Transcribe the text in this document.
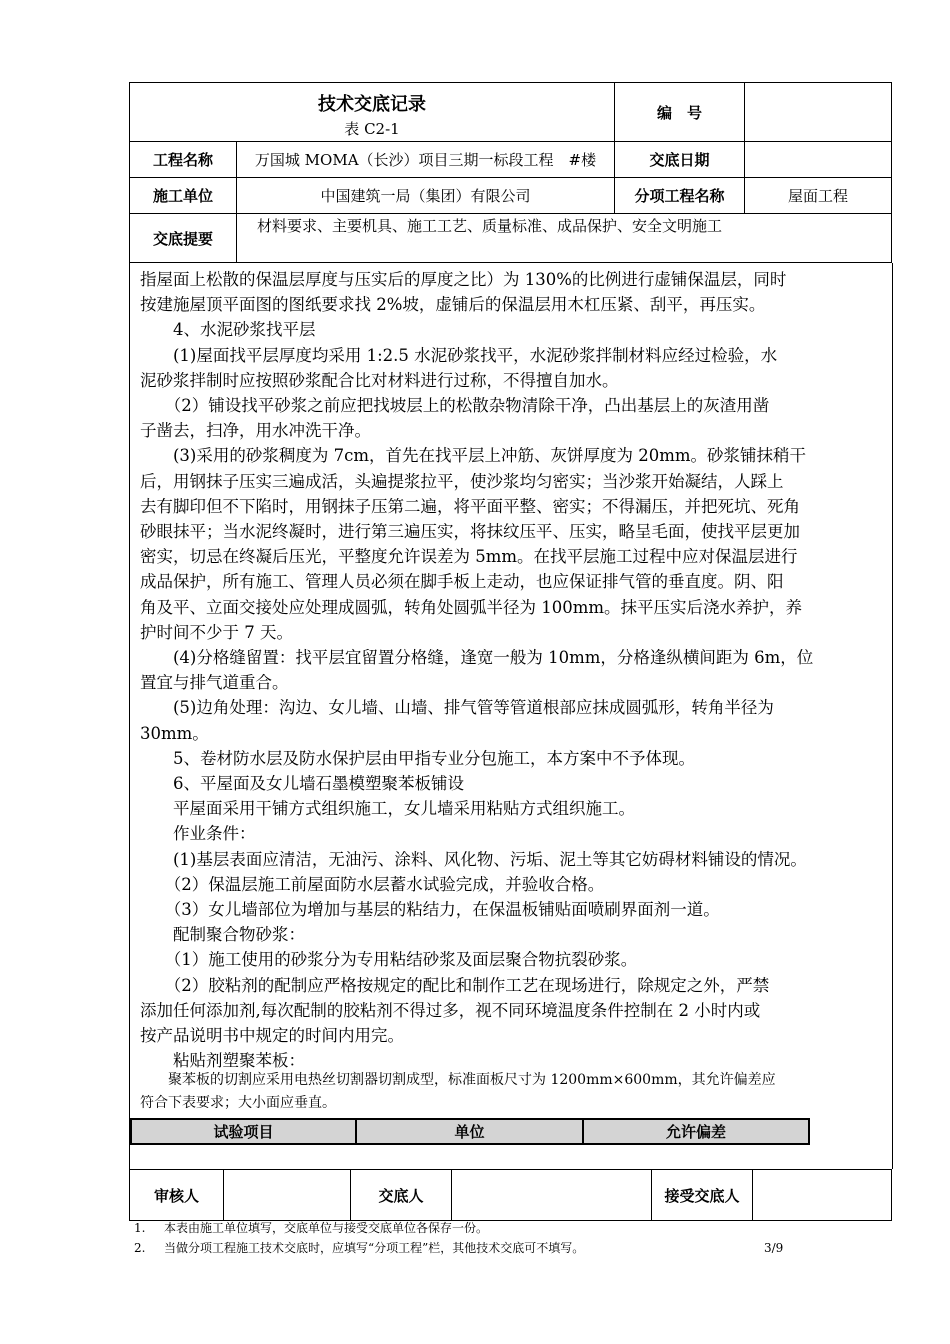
技术交底记录
表 C2-1		编　号	
工程名称	万国城 MOMA（长沙）项目三期一标段工程　#楼	交底日期	
施工单位	中国建筑一局（集团）有限公司	分项工程名称	屋面工程
交底提要	材料要求、主要机具、施工工艺、质量标准、成品保护、安全文明施工		
指屋面上松散的保温层厚度与压实后的厚度之比）为 130%的比例进行虚铺保温层，同时
按建施屋顶平面图的图纸要求找 2%坡，虚铺后的保温层用木杠压紧、刮平，再压实。
　　4、水泥砂浆找平层
　　(1)屋面找平层厚度均采用 1:2.5 水泥砂浆找平，水泥砂浆拌制材料应经过检验，水
泥砂浆拌制时应按照砂浆配合比对材料进行过称，不得擅自加水。
　　（2）铺设找平砂浆之前应把找坡层上的松散杂物清除干净，凸出基层上的灰渣用凿
子凿去，扫净，用水冲洗干净。
　　(3)采用的砂浆稠度为 7cm，首先在找平层上冲筋、灰饼厚度为 20mm。砂浆铺抹稍干
后，用钢抹子压实三遍成活，头遍提浆拉平，使沙浆均匀密实；当沙浆开始凝结，人踩上
去有脚印但不下陷时，用钢抹子压第二遍，将平面平整、密实；不得漏压，并把死坑、死角
砂眼抹平；当水泥终凝时，进行第三遍压实，将抹纹压平、压实，略呈毛面，使找平层更加
密实，切忌在终凝后压光，平整度允许误差为 5mm。在找平层施工过程中应对保温层进行
成品保护，所有施工、管理人员必须在脚手板上走动，也应保证排气管的垂直度。阴、阳
角及平、立面交接处应处理成圆弧，转角处圆弧半径为 100mm。抹平压实后浇水养护，养
护时间不少于 7 天。
　　(4)分格缝留置：找平层宜留置分格缝，逢宽一般为 10mm，分格逢纵横间距为 6m，位
置宜与排气道重合。
　　(5)边角处理：沟边、女儿墙、山墙、排气管等管道根部应抹成圆弧形，转角半径为
30mm。
　　5、卷材防水层及防水保护层由甲指专业分包施工，本方案中不予体现。
　　6、平屋面及女儿墙石墨模塑聚苯板铺设
　　平屋面采用干铺方式组织施工，女儿墙采用粘贴方式组织施工。
　　作业条件：
　　(1)基层表面应清洁，无油污、涂料、风化物、污垢、泥土等其它妨碍材料铺设的情况。
　　（2）保温层施工前屋面防水层蓄水试验完成，并验收合格。
　　（3）女儿墙部位为增加与基层的粘结力，在保温板铺贴面喷刷界面剂一道。
　　配制聚合物砂浆：
　　（1）施工使用的砂浆分为专用粘结砂浆及面层聚合物抗裂砂浆。
　　（2）胶粘剂的配制应严格按规定的配比和制作工艺在现场进行，除规定之外，严禁
添加任何添加剂,每次配制的胶粘剂不得过多，视不同环境温度条件控制在 2 小时内或
按产品说明书中规定的时间内用完。
　　粘贴剂塑聚苯板：
　　聚苯板的切割应采用电热丝切割器切割成型，标准面板尺寸为 1200mm×600mm，其允许偏差应
符合下表要求；大小面应垂直。
试验项目	单位	允许偏差
审核人		交底人		接受交底人	
1. 本表由施工单位填写，交底单位与接受交底单位各保存一份。
2. 当做分项工程施工技术交底时，应填写“分项工程”栏，其他技术交底可不填写。	3/9
